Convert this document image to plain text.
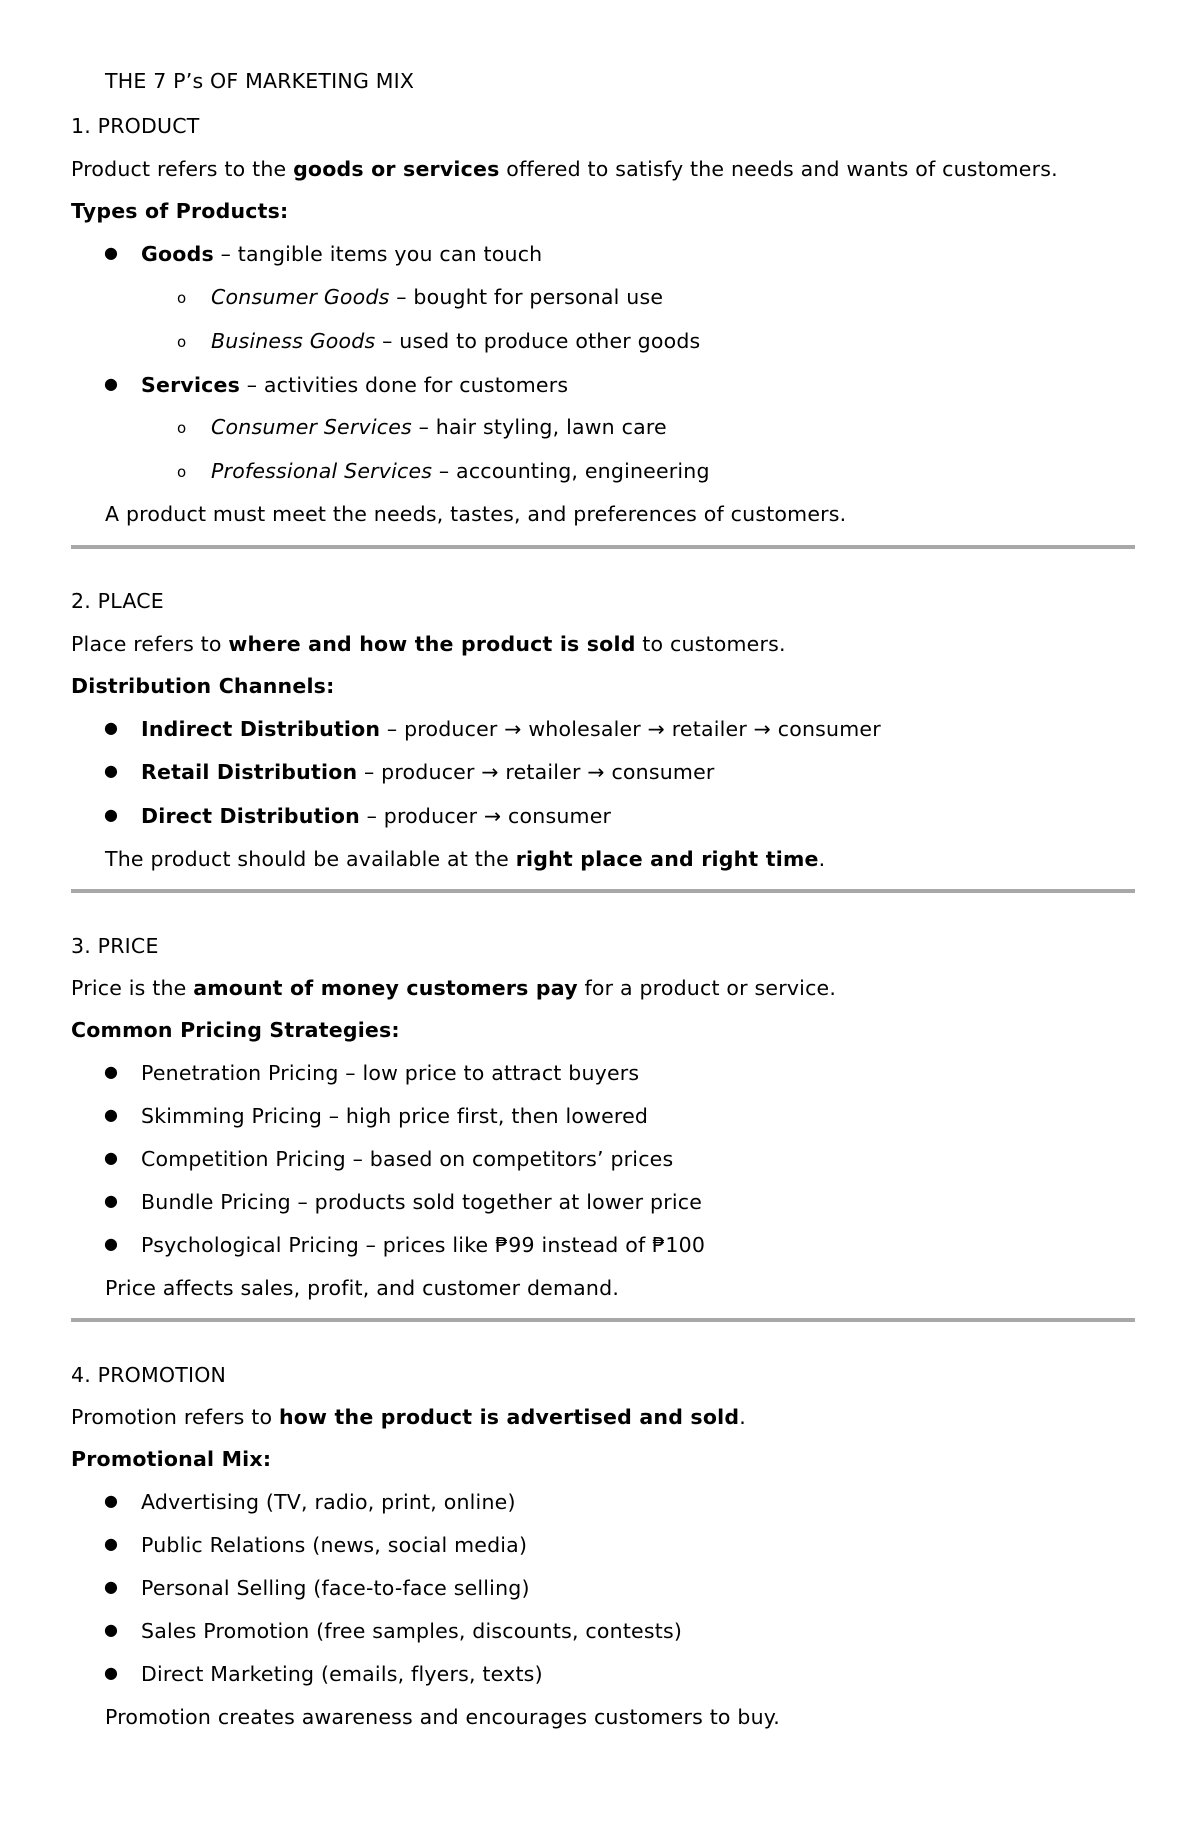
THE 7 P’s OF MARKETING MIX
1. PRODUCT
Product refers to the goods or services offered to satisfy the needs and wants of customers.
Types of Products:
● Goods – tangible items you can touch
o Consumer Goods – bought for personal use
o Business Goods – used to produce other goods
● Services – activities done for customers
o Consumer Services – hair styling, lawn care
o Professional Services – accounting, engineering
A product must meet the needs, tastes, and preferences of customers.
2. PLACE
Place refers to where and how the product is sold to customers.
Distribution Channels:
● Indirect Distribution – producer → wholesaler → retailer → consumer
● Retail Distribution – producer → retailer → consumer
● Direct Distribution – producer → consumer
The product should be available at the right place and right time.
3. PRICE
Price is the amount of money customers pay for a product or service.
Common Pricing Strategies:
● Penetration Pricing – low price to attract buyers
● Skimming Pricing – high price first, then lowered
● Competition Pricing – based on competitors’ prices
● Bundle Pricing – products sold together at lower price
● Psychological Pricing – prices like ₱99 instead of ₱100
Price affects sales, profit, and customer demand.
4. PROMOTION
Promotion refers to how the product is advertised and sold.
Promotional Mix:
● Advertising (TV, radio, print, online)
● Public Relations (news, social media)
● Personal Selling (face-to-face selling)
● Sales Promotion (free samples, discounts, contests)
● Direct Marketing (emails, flyers, texts)
Promotion creates awareness and encourages customers to buy.
